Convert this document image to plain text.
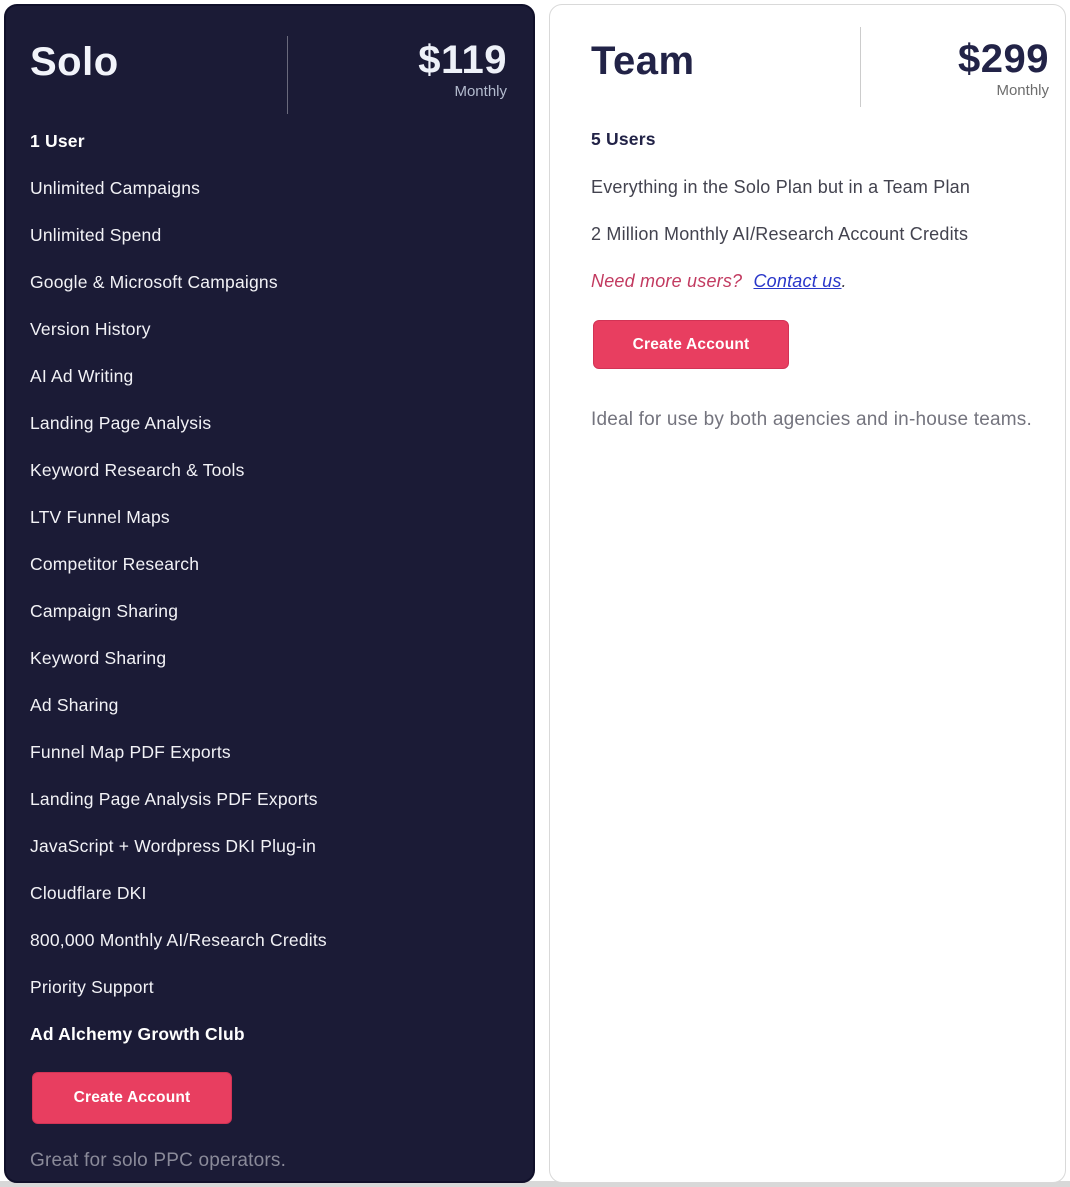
Solo	$119
Monthly
1 User
Unlimited Campaigns
Unlimited Spend
Google & Microsoft Campaigns
Version History
AI Ad Writing
Landing Page Analysis
Keyword Research & Tools
LTV Funnel Maps
Competitor Research
Campaign Sharing
Keyword Sharing
Ad Sharing
Funnel Map PDF Exports
Landing Page Analysis PDF Exports
JavaScript + Wordpress DKI Plug-in
Cloudflare DKI
800,000 Monthly AI/Research Credits
Priority Support
Ad Alchemy Growth Club
Create Account

Great for solo PPC operators.

Team	$299
Monthly
5 Users

Everything in the Solo Plan but in a Team Plan

2 Million Monthly AI/Research Account Credits

Need more users? Contact us.

Create Account

Ideal for use by both agencies and in-house teams.
